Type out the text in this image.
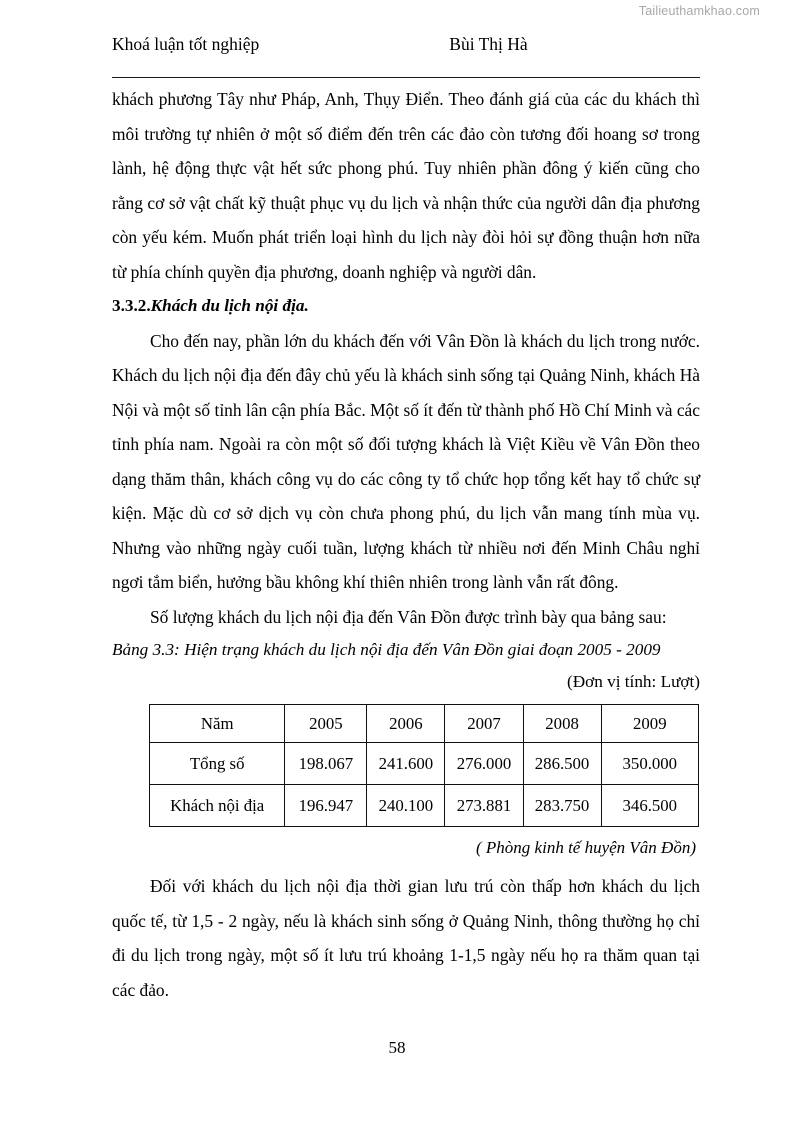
Tailieuthamkhao.com
Khoá luận tốt nghiệp	Bùi Thị Hà

khách phương Tây như Pháp, Anh, Thụy Điển. Theo đánh giá của các du khách thì môi trường tự nhiên ở một số điểm đến trên các đảo còn tương đối hoang sơ trong lành, hệ động thực vật hết sức phong phú. Tuy nhiên phần đông ý kiến cũng cho rằng cơ sở vật chất kỹ thuật phục vụ du lịch và nhận thức của người dân địa phương còn yếu kém. Muốn phát triển loại hình du lịch này đòi hỏi sự đồng thuận hơn nữa từ phía chính quyền địa phương, doanh nghiệp và người dân.

3.3.2.Khách du lịch nội địa.

Cho đến nay, phần lớn du khách đến với Vân Đồn là khách du lịch trong nước. Khách du lịch nội địa đến đây chủ yếu là khách sinh sống tại Quảng Ninh, khách Hà Nội và một số tỉnh lân cận phía Bắc. Một số ít đến từ thành phố Hồ Chí Minh và các tỉnh phía nam. Ngoài ra còn một số đối tượng khách là Việt Kiều về Vân Đồn theo dạng thăm thân, khách công vụ do các công ty tổ chức họp tổng kết hay tổ chức sự kiện. Mặc dù cơ sở dịch vụ còn chưa phong phú, du lịch vẫn mang tính mùa vụ. Nhưng vào những ngày cuối tuần, lượng khách từ nhiều nơi đến Minh Châu nghỉ ngơi tắm biển, hưởng bầu không khí thiên nhiên trong lành vẫn rất đông.

Số lượng khách du lịch nội địa đến Vân Đồn được trình bày qua bảng sau:

Bảng 3.3: Hiện trạng khách du lịch nội địa đến Vân Đồn giai đoạn 2005 - 2009

(Đơn vị tính: Lượt)

Năm	2005	2006	2007	2008	2009
Tổng số	198.067	241.600	276.000	286.500	350.000
Khách nội địa	196.947	240.100	273.881	283.750	346.500

( Phòng kinh tế huyện Vân Đồn)

Đối với khách du lịch nội địa thời gian lưu trú còn thấp hơn khách du lịch quốc tế, từ 1,5 - 2 ngày, nếu là khách sinh sống ở Quảng Ninh, thông thường họ chỉ đi du lịch trong ngày, một số ít lưu trú khoảng 1-1,5 ngày nếu họ ra thăm quan tại các đảo.

58
